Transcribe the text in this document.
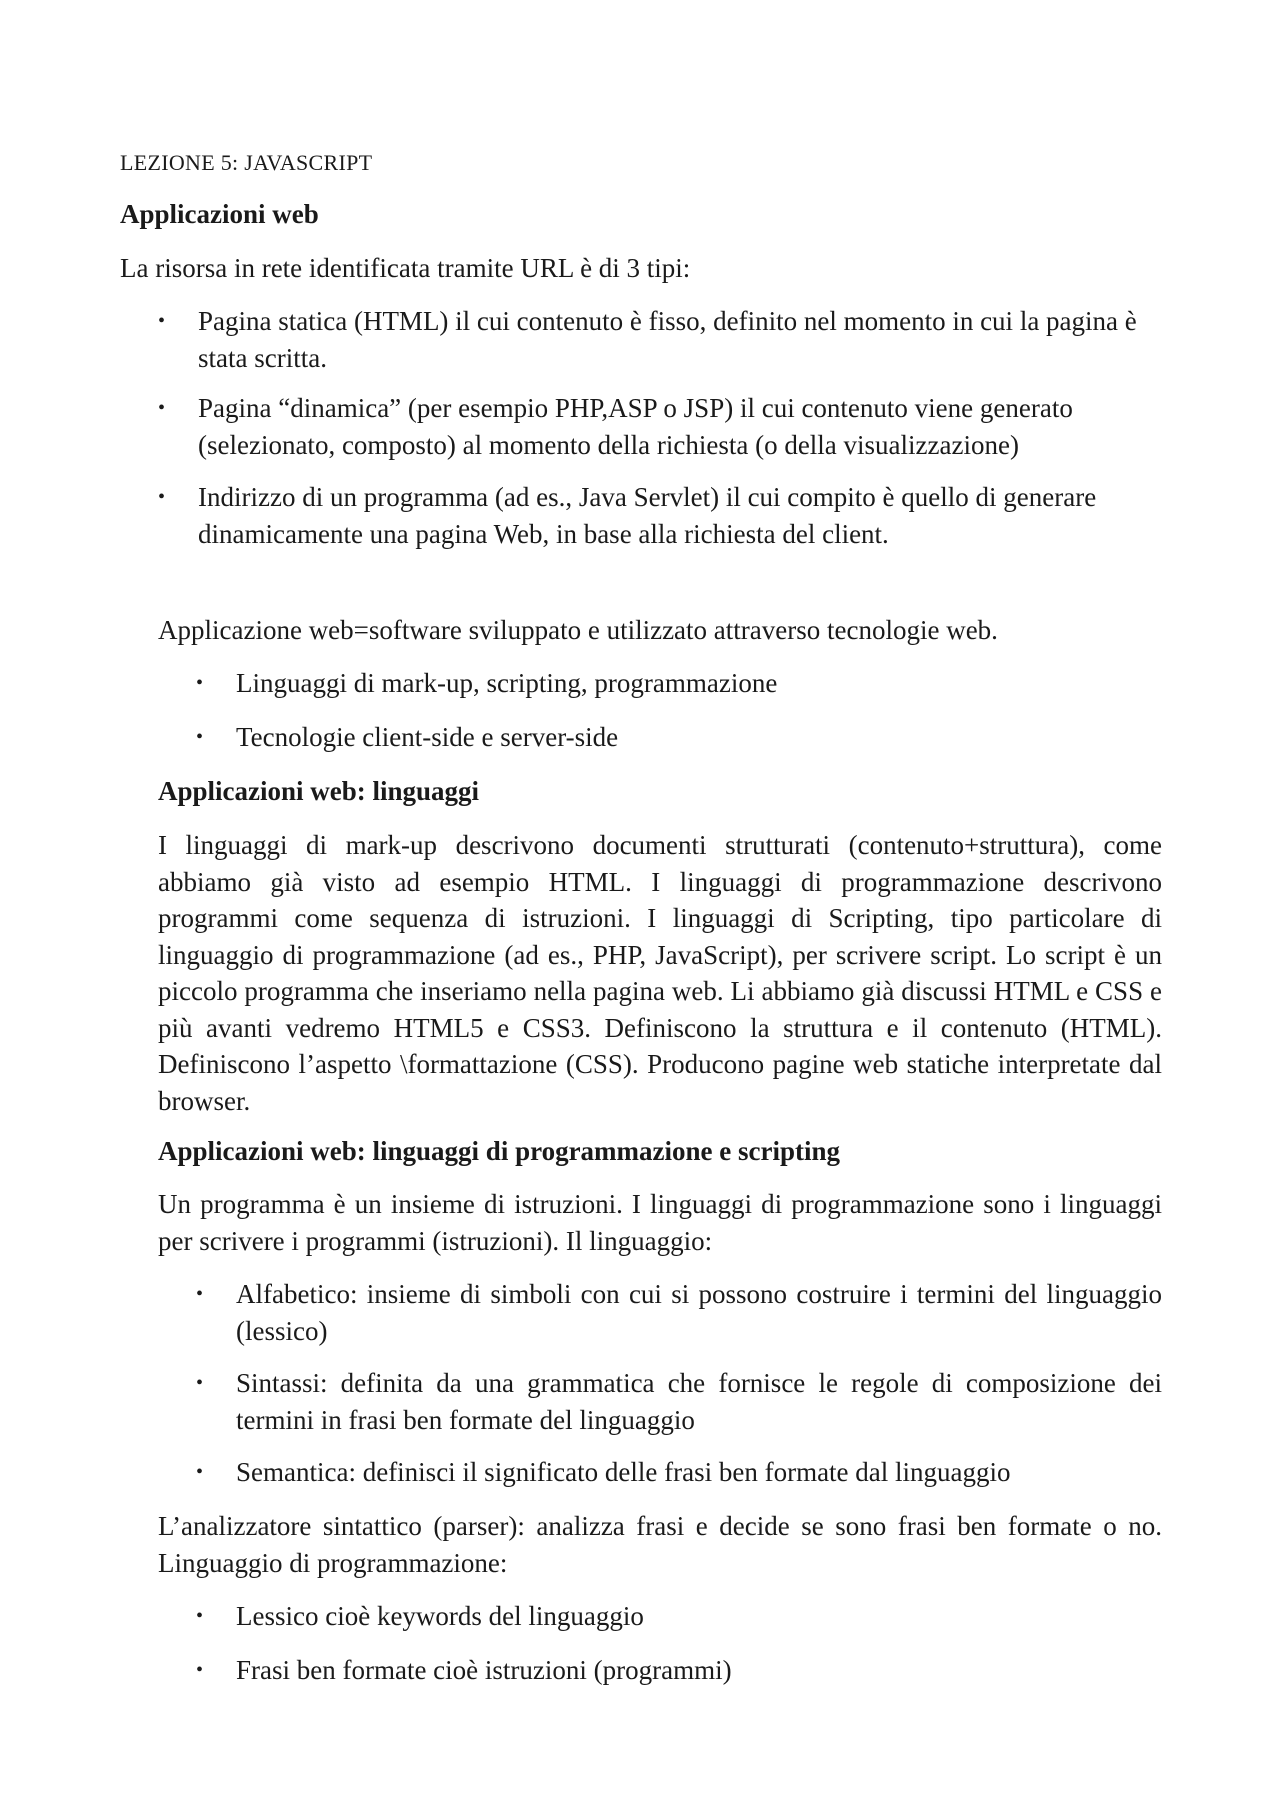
LEZIONE 5: JAVASCRIPT

Applicazioni web

La risorsa in rete identificata tramite URL è di 3 tipi:

• Pagina statica (HTML) il cui contenuto è fisso, definito nel momento in cui la pagina è stata scritta.
• Pagina “dinamica” (per esempio PHP,ASP o JSP) il cui contenuto viene generato (selezionato, composto) al momento della richiesta (o della visualizzazione)
• Indirizzo di un programma (ad es., Java Servlet) il cui compito è quello di generare dinamicamente una pagina Web, in base alla richiesta del client.

Applicazione web=software sviluppato e utilizzato attraverso tecnologie web.

• Linguaggi di mark-up, scripting, programmazione
• Tecnologie client-side e server-side

Applicazioni web: linguaggi

I linguaggi di mark-up descrivono documenti strutturati (contenuto+struttura), come abbiamo già visto ad esempio HTML. I linguaggi di programmazione descrivono programmi come sequenza di istruzioni. I linguaggi di Scripting, tipo particolare di linguaggio di programmazione (ad es., PHP, JavaScript), per scrivere script. Lo script è un piccolo programma che inseriamo nella pagina web. Li abbiamo già discussi HTML e CSS e più avanti vedremo HTML5 e CSS3. Definiscono la struttura e il contenuto (HTML). Definiscono l’aspetto \formattazione (CSS). Producono pagine web statiche interpretate dal browser.

Applicazioni web: linguaggi di programmazione e scripting

Un programma è un insieme di istruzioni. I linguaggi di programmazione sono i linguaggi per scrivere i programmi (istruzioni). Il linguaggio:

• Alfabetico: insieme di simboli con cui si possono costruire i termini del linguaggio (lessico)
• Sintassi: definita da una grammatica che fornisce le regole di composizione dei termini in frasi ben formate del linguaggio
• Semantica: definisci il significato delle frasi ben formate dal linguaggio

L’analizzatore sintattico (parser): analizza frasi e decide se sono frasi ben formate o no. Linguaggio di programmazione:

• Lessico cioè keywords del linguaggio
• Frasi ben formate cioè istruzioni (programmi)
